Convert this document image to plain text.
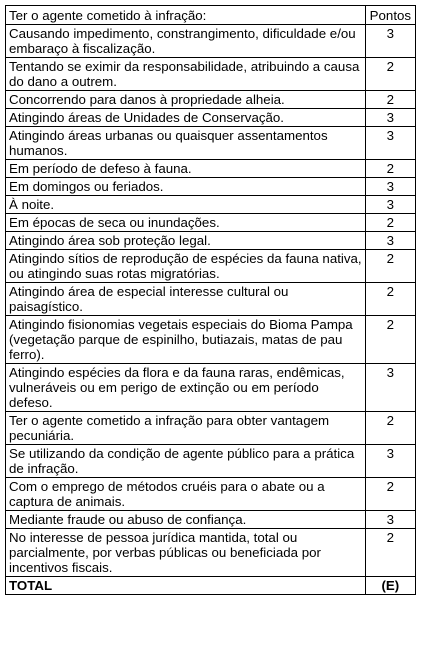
Ter o agente cometido à infração:	Pontos
Causando impedimento, constrangimento, dificuldade e/ou embaraço à fiscalização.	3
Tentando se eximir da responsabilidade, atribuindo a causa do dano a outrem.	2
Concorrendo para danos à propriedade alheia.	2
Atingindo áreas de Unidades de Conservação.	3
Atingindo áreas urbanas ou quaisquer assentamentos humanos.	3
Em período de defeso à fauna.	2
Em domingos ou feriados.	3
À noite.	3
Em épocas de seca ou inundações.	2
Atingindo área sob proteção legal.	3
Atingindo sítios de reprodução de espécies da fauna nativa, ou atingindo suas rotas migratórias.	2
Atingindo área de especial interesse cultural ou paisagístico.	2
Atingindo fisionomias vegetais especiais do Bioma Pampa (vegetação parque de espinilho, butiazais, matas de pau ferro).	2
Atingindo espécies da flora e da fauna raras, endêmicas, vulneráveis ou em perigo de extinção ou em período defeso.	3
Ter o agente cometido a infração para obter vantagem pecuniária.	2
Se utilizando da condição de agente público para a prática de infração.	3
Com o emprego de métodos cruéis para o abate ou a captura de animais.	2
Mediante fraude ou abuso de confiança.	3
No interesse de pessoa jurídica mantida, total ou parcialmente, por verbas públicas ou beneficiada por incentivos fiscais.	2
TOTAL	(E)
